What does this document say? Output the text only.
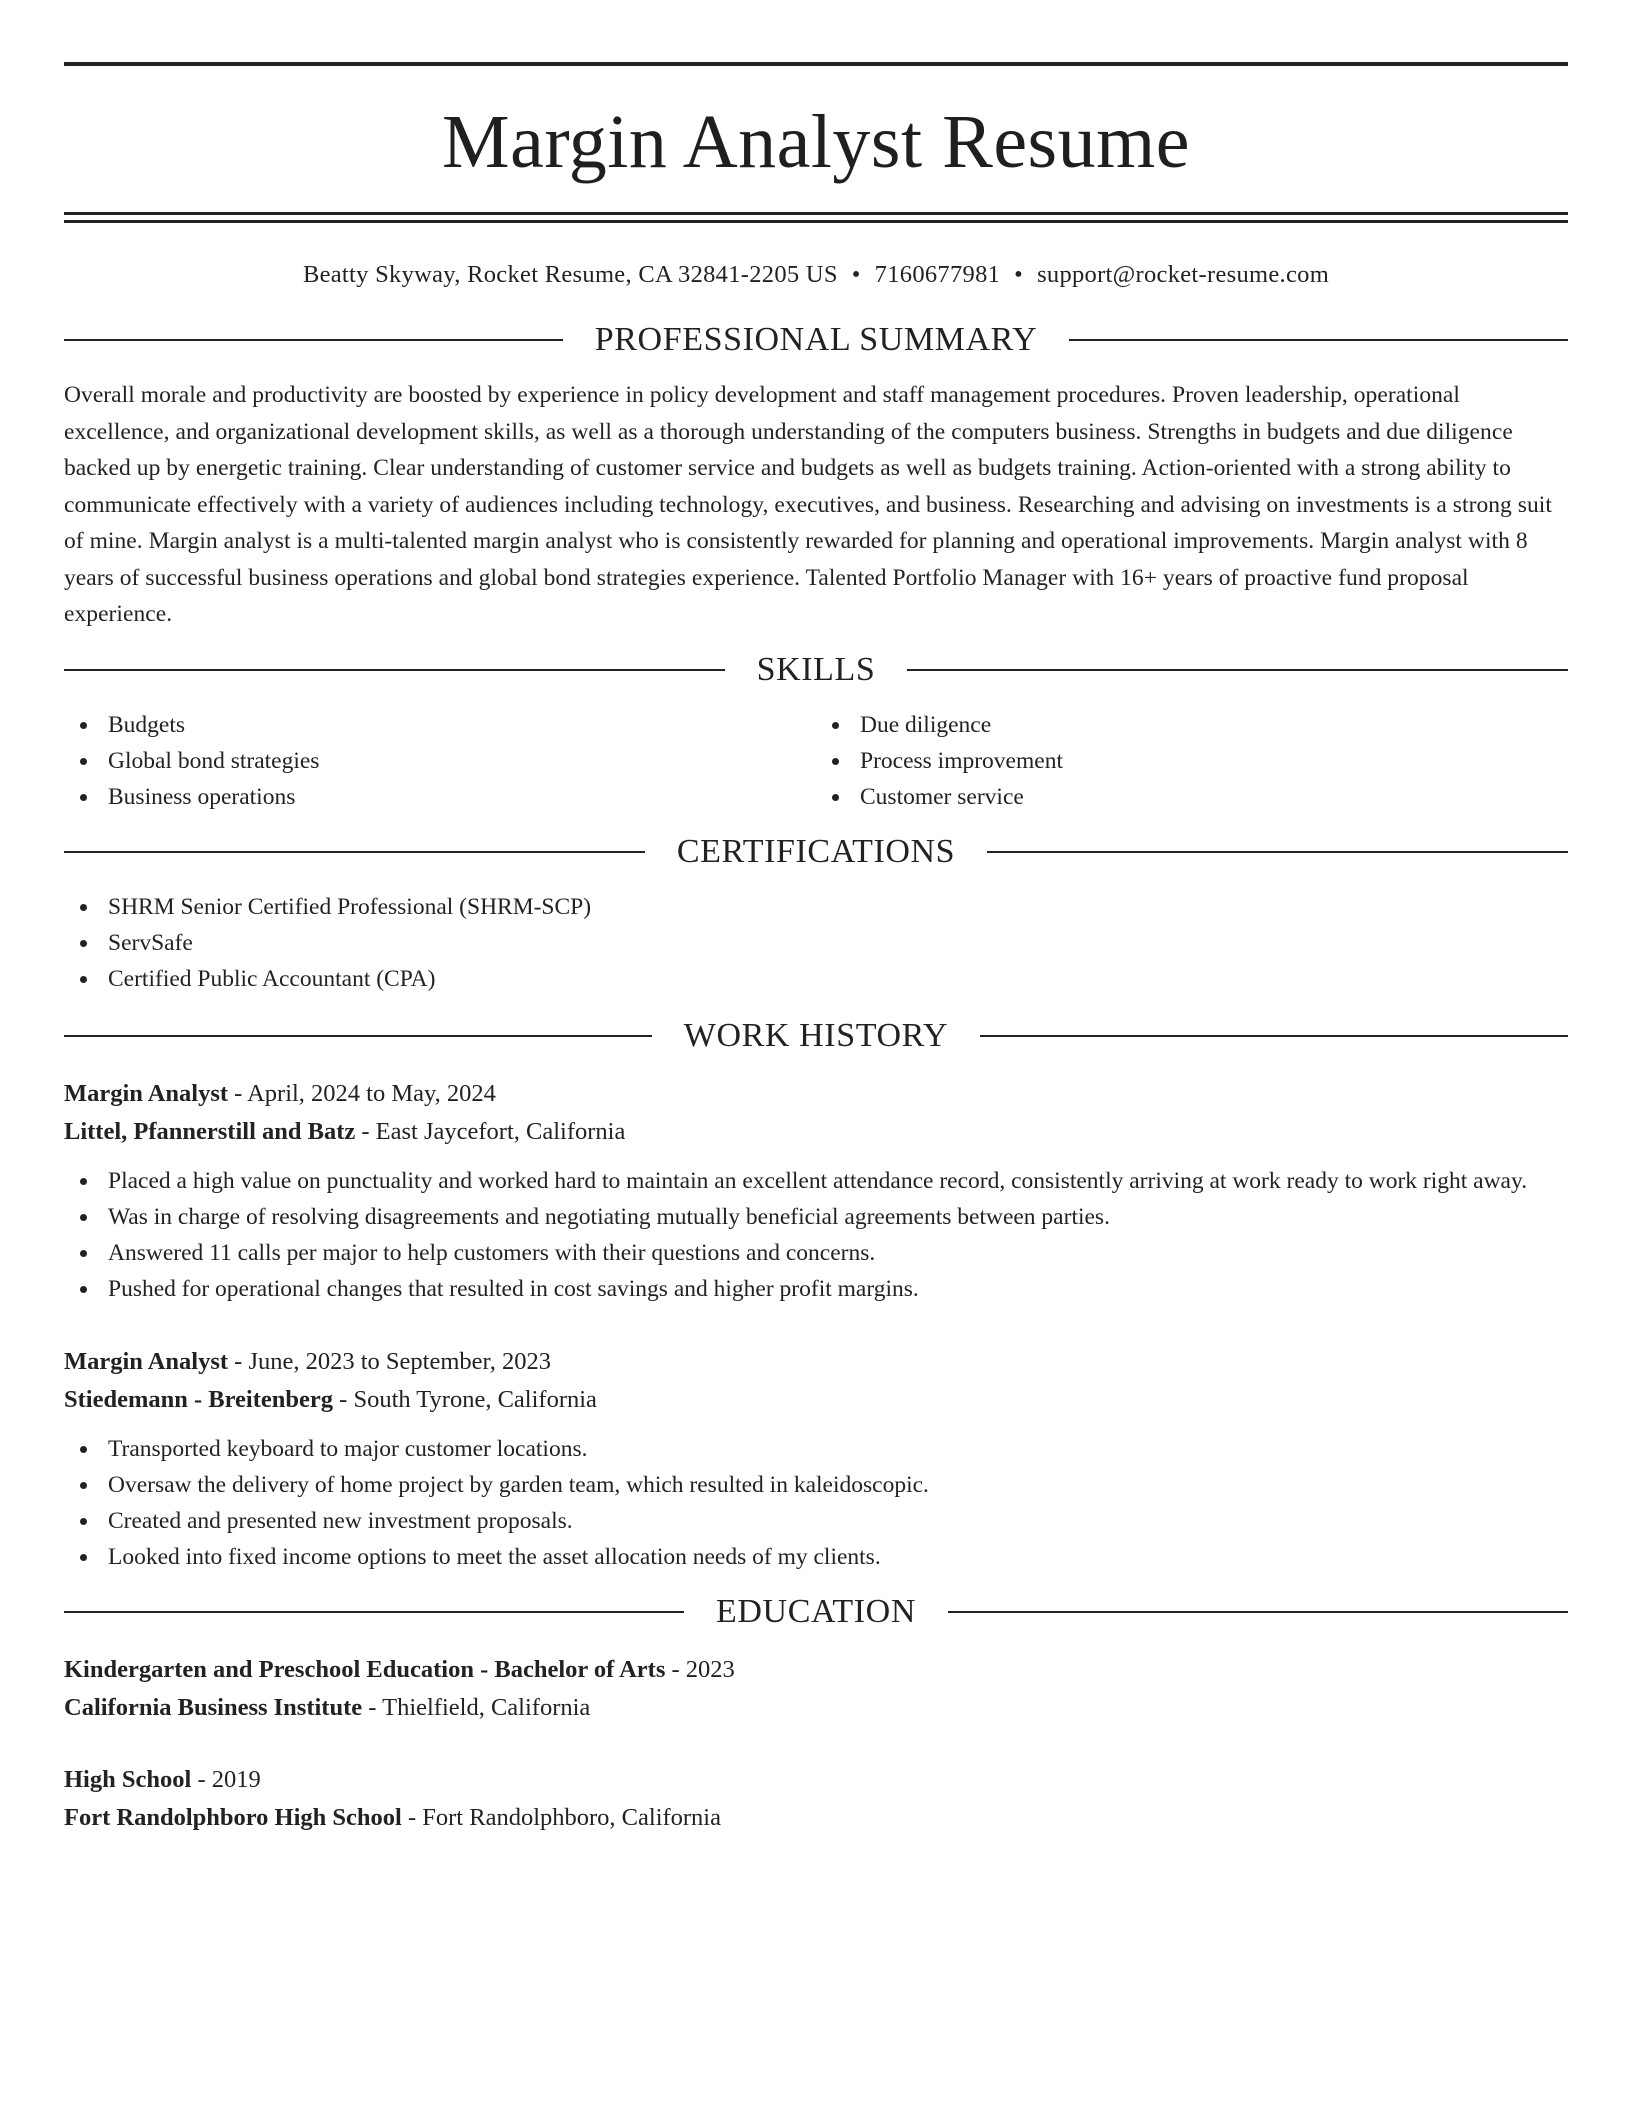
Margin Analyst Resume
Beatty Skyway, Rocket Resume, CA 32841-2205 US • 7160677981 • support@rocket-resume.com
PROFESSIONAL SUMMARY
Overall morale and productivity are boosted by experience in policy development and staff management procedures. Proven leadership, operational excellence, and organizational development skills, as well as a thorough understanding of the computers business. Strengths in budgets and due diligence backed up by energetic training. Clear understanding of customer service and budgets as well as budgets training. Action-oriented with a strong ability to communicate effectively with a variety of audiences including technology, executives, and business. Researching and advising on investments is a strong suit of mine. Margin analyst is a multi-talented margin analyst who is consistently rewarded for planning and operational improvements. Margin analyst with 8 years of successful business operations and global bond strategies experience. Talented Portfolio Manager with 16+ years of proactive fund proposal experience.
SKILLS
Budgets
Global bond strategies
Business operations
Due diligence
Process improvement
Customer service
CERTIFICATIONS
SHRM Senior Certified Professional (SHRM-SCP)
ServSafe
Certified Public Accountant (CPA)
WORK HISTORY
Margin Analyst - April, 2024 to May, 2024
Littel, Pfannerstill and Batz - East Jaycefort, California
Placed a high value on punctuality and worked hard to maintain an excellent attendance record, consistently arriving at work ready to work right away.
Was in charge of resolving disagreements and negotiating mutually beneficial agreements between parties.
Answered 11 calls per major to help customers with their questions and concerns.
Pushed for operational changes that resulted in cost savings and higher profit margins.
Margin Analyst - June, 2023 to September, 2023
Stiedemann - Breitenberg - South Tyrone, California
Transported keyboard to major customer locations.
Oversaw the delivery of home project by garden team, which resulted in kaleidoscopic.
Created and presented new investment proposals.
Looked into fixed income options to meet the asset allocation needs of my clients.
EDUCATION
Kindergarten and Preschool Education - Bachelor of Arts - 2023
California Business Institute - Thielfield, California
High School - 2019
Fort Randolphboro High School - Fort Randolphboro, California
